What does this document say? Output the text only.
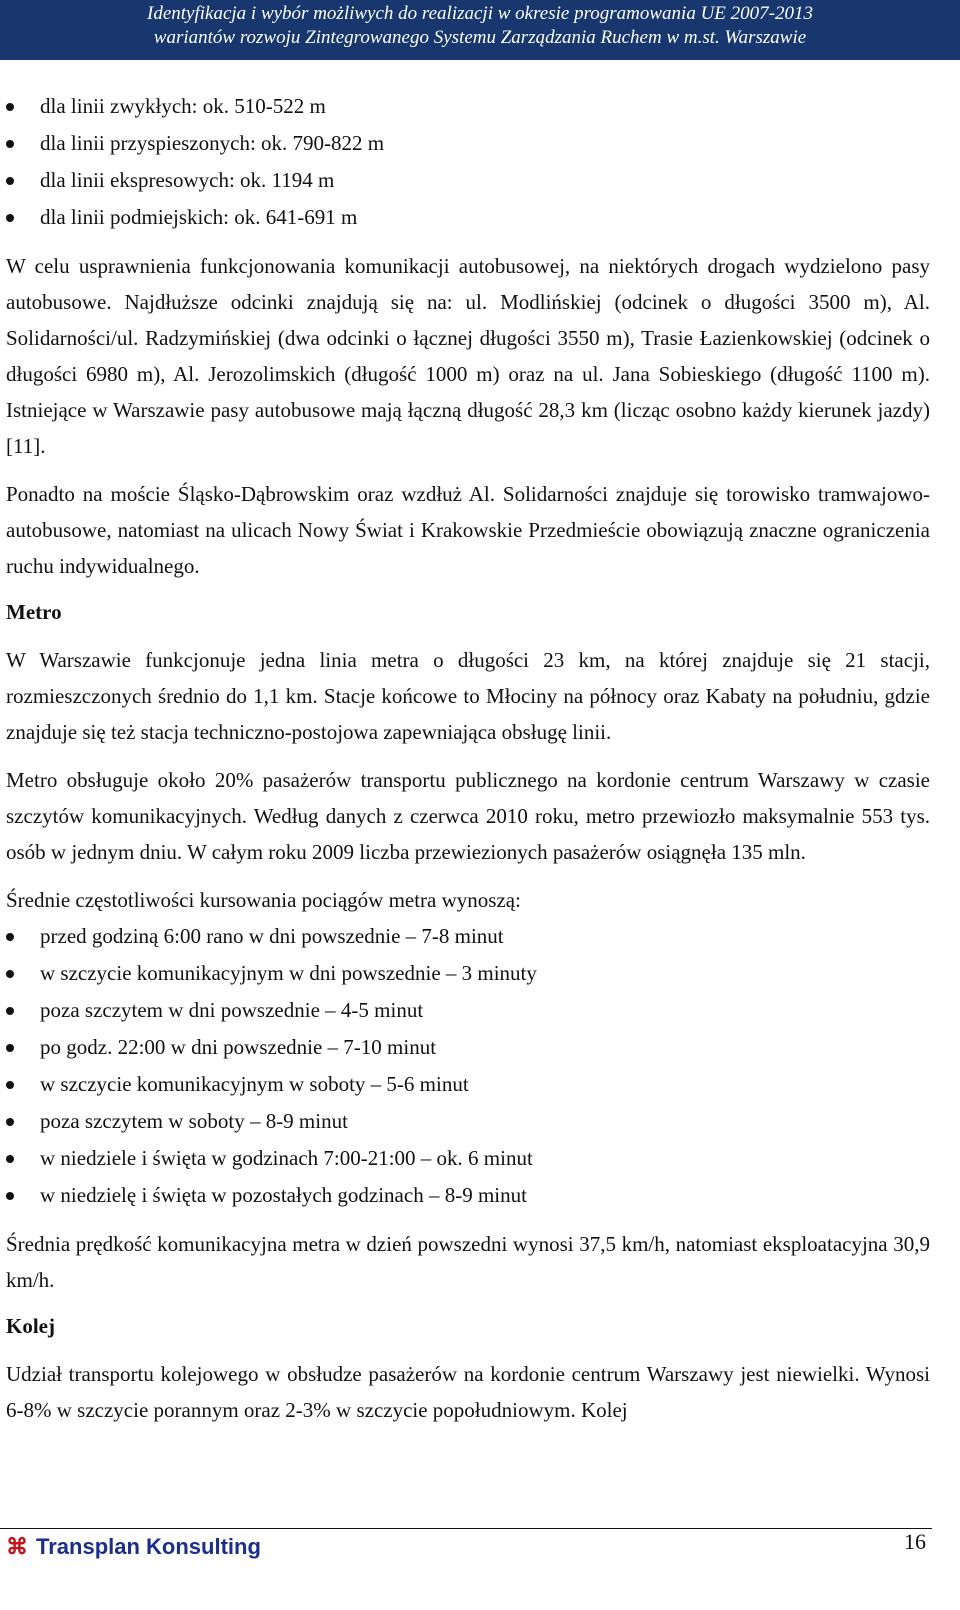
Identyfikacja i wybór możliwych do realizacji w okresie programowania UE 2007-2013
wariantów rozwoju Zintegrowanego Systemu Zarządzania Ruchem w m.st. Warszawie
dla linii zwykłych: ok. 510-522 m
dla linii przyspieszonych: ok. 790-822 m
dla linii ekspresowych: ok. 1194 m
dla linii podmiejskich: ok. 641-691 m

W celu usprawnienia funkcjonowania komunikacji autobusowej, na niektórych drogach wydzielono pasy autobusowe. Najdłuższe odcinki znajdują się na: ul. Modlińskiej (odcinek o długości 3500 m), Al. Solidarności/ul. Radzymińskiej (dwa odcinki o łącznej długości 3550 m), Trasie Łazienkowskiej (odcinek o długości 6980 m), Al. Jerozolimskich (długość 1000 m) oraz na ul. Jana Sobieskiego (długość 1100 m). Istniejące w Warszawie pasy autobusowe mają łączną długość 28,3 km (licząc osobno każdy kierunek jazdy) [11].

Ponadto na moście Śląsko-Dąbrowskim oraz wzdłuż Al. Solidarności znajduje się torowisko tramwajowo-autobusowe, natomiast na ulicach Nowy Świat i Krakowskie Przedmieście obowiązują znaczne ograniczenia ruchu indywidualnego.

Metro

W Warszawie funkcjonuje jedna linia metra o długości 23 km, na której znajduje się 21 stacji, rozmieszczonych średnio do 1,1 km. Stacje końcowe to Młociny na północy oraz Kabaty na południu, gdzie znajduje się też stacja techniczno-postojowa zapewniająca obsługę linii.

Metro obsługuje około 20% pasażerów transportu publicznego na kordonie centrum Warszawy w czasie szczytów komunikacyjnych. Według danych z czerwca 2010 roku, metro przewiozło maksymalnie 553 tys. osób w jednym dniu. W całym roku 2009 liczba przewiezionych pasażerów osiągnęła 135 mln.

Średnie częstotliwości kursowania pociągów metra wynoszą:

przed godziną 6:00 rano w dni powszednie – 7-8 minut
w szczycie komunikacyjnym w dni powszednie – 3 minuty
poza szczytem w dni powszednie – 4-5 minut
po godz. 22:00 w dni powszednie – 7-10 minut
w szczycie komunikacyjnym w soboty – 5-6 minut
poza szczytem w soboty – 8-9 minut
w niedziele i święta w godzinach 7:00-21:00 – ok. 6 minut
w niedzielę i święta w pozostałych godzinach – 8-9 minut

Średnia prędkość komunikacyjna metra w dzień powszedni wynosi 37,5 km/h, natomiast eksploatacyjna 30,9 km/h.

Kolej

Udział transportu kolejowego w obsłudze pasażerów na kordonie centrum Warszawy jest niewielki. Wynosi 6-8% w szczycie porannym oraz 2-3% w szczycie popołudniowym. Kolej

⌘ Transplan Konsulting	16
